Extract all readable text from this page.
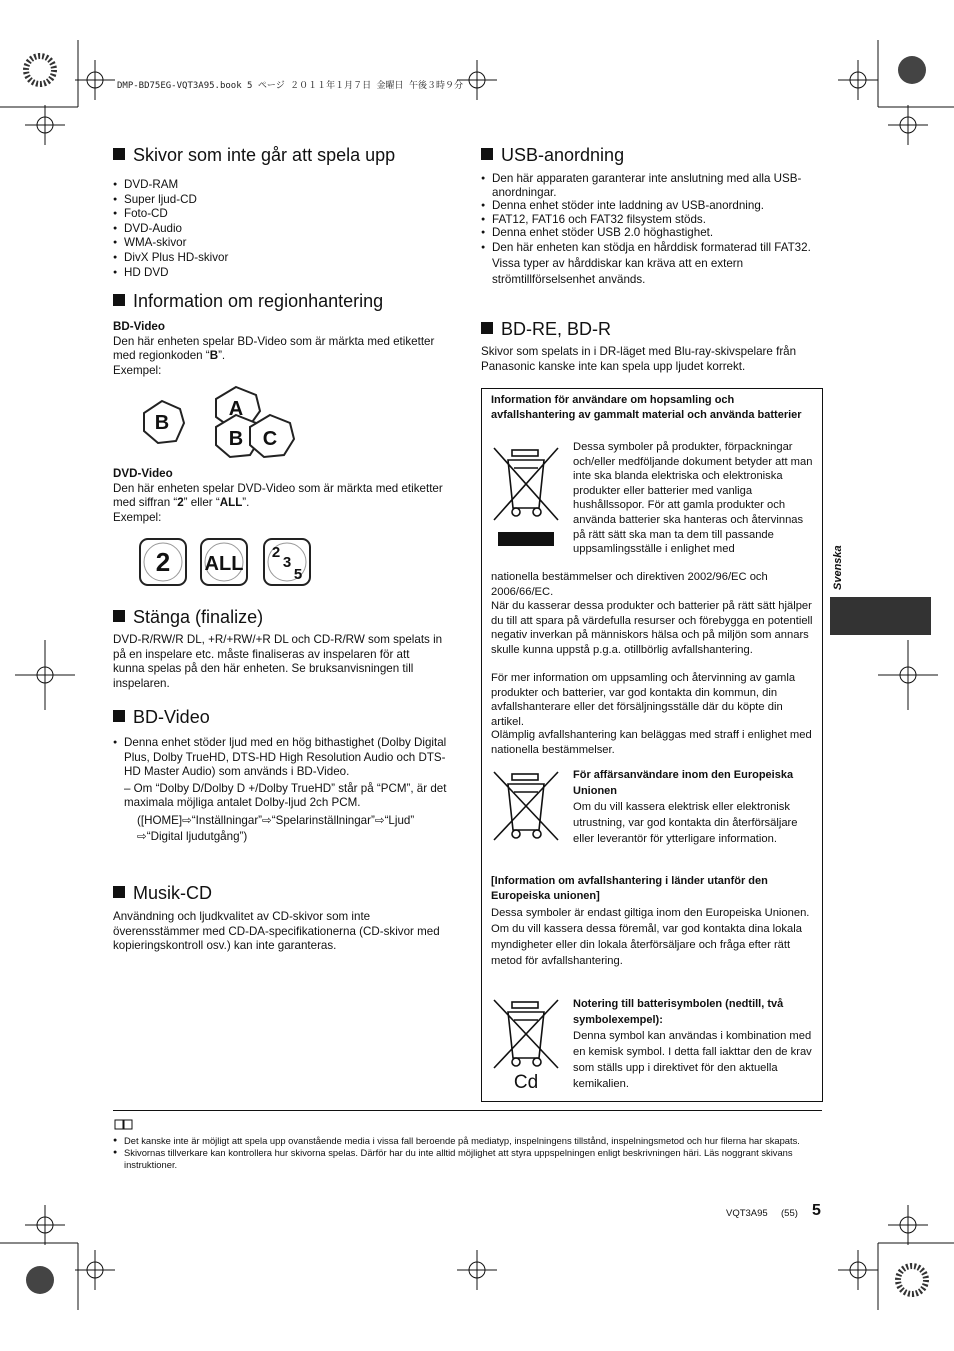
DMP-BD75EG-VQT3A95.book 5 ページ ２０１１年１月７日 金曜日 午後３時９分
Svenska
Skivor som inte går att spela upp
● DVD-RAM
● Super ljud-CD
● Foto-CD
● DVD-Audio
● WMA-skivor
● DivX Plus HD-skivor
● HD DVD
Information om regionhantering
BD-Video
Den här enheten spelar BD-Video som är märkta med etiketter med regionkoden “B”.
Exempel:
B
A
B C
DVD-Video
Den här enheten spelar DVD-Video som är märkta med etiketter med siffran “2” eller “ALL”.
Exempel:
2 ALL
2
3
5
Stänga (finalize)
DVD-R/RW/R DL, +R/+RW/+R DL och CD-R/RW som spelats in på en inspelare etc. måste finaliseras av inspelaren för att kunna spelas på den här enheten. Se bruksanvisningen till inspelaren.
BD-Video
● Denna enhet stöder ljud med en hög bithastighet (Dolby Digital Plus, Dolby TrueHD, DTS-HD High Resolution Audio och DTS-HD Master Audio) som används i BD-Video.
– Om “Dolby D/Dolby D +/Dolby TrueHD” står på “PCM”, är det maximala möjliga antalet Dolby-ljud 2ch PCM.
([HOME]⇨“Inställningar”⇨“Spelarinställningar”⇨“Ljud” ⇨“Digital ljudutgång”)
Musik-CD
Användning och ljudkvalitet av CD-skivor som inte överensstämmer med CD-DA-specifikationerna (CD-skivor med kopieringskontroll osv.) kan inte garanteras.
USB-anordning
● Den här apparaten garanterar inte anslutning med alla USB-anordningar.
● Denna enhet stöder inte laddning av USB-anordning.
● FAT12, FAT16 och FAT32 filsystem stöds.
● Denna enhet stöder USB 2.0 höghastighet.
● Den här enheten kan stödja en hårddisk formaterad till FAT32.
Vissa typer av hårddiskar kan kräva att en extern strömtillförselsenhet används.
BD-RE, BD-R
Skivor som spelats in i DR-läget med Blu-ray-skivspelare från Panasonic kanske inte kan spela upp ljudet korrekt.
Information för användare om hopsamling och avfallshantering av gammalt material och använda batterier
Dessa symboler på produkter, förpackningar och/eller medföljande dokument betyder att man inte ska blanda elektriska och elektroniska produkter eller batterier med vanliga hushållssopor. För att gamla produkter och använda batterier ska hanteras och återvinnas på rätt sätt ska man ta dem till passande uppsamlingsställe i enlighet med
nationella bestämmelser och direktiven 2002/96/EC och 2006/66/EC.
När du kasserar dessa produkter och batterier på rätt sätt hjälper du till att spara på värdefulla resurser och förebygga en potentiell negativ inverkan på människors hälsa och på miljön som annars skulle kunna uppstå p.g.a. otillbörlig avfallshantering.
För mer information om uppsamling och återvinning av gamla produkter och batterier, var god kontakta din kommun, din avfallshanterare eller det försäljningsställe där du köpte din artikel.
Olämplig avfallshantering kan beläggas med straff i enlighet med nationella bestämmelser.
För affärsanvändare inom den Europeiska Unionen
Om du vill kassera elektrisk eller elektronisk utrustning, var god kontakta din återförsäljare eller leverantör för ytterligare information.
[Information om avfallshantering i länder utanför den Europeiska unionen]
Dessa symboler är endast giltiga inom den Europeiska Unionen. Om du vill kassera dessa föremål, var god kontakta dina lokala myndigheter eller din lokala återförsäljare och fråga efter rätt metod för avfallshantering.
Cd
Notering till batterisymbolen (nedtill, två symbolexempel):
Denna symbol kan användas i kombination med en kemisk symbol. I detta fall iakttar den de krav som ställs upp i direktivet för den aktuella kemikalien.
● Det kanske inte är möjligt att spela upp ovanstående media i vissa fall beroende på mediatyp, inspelningens tillstånd, inspelningsmetod och hur filerna har skapats.
● Skivornas tillverkare kan kontrollera hur skivorna spelas. Därför har du inte alltid möjlighet att styra uppspelningen enligt beskrivningen häri. Läs noggrant skivans instruktioner.
VQT3A95 (55) 5
